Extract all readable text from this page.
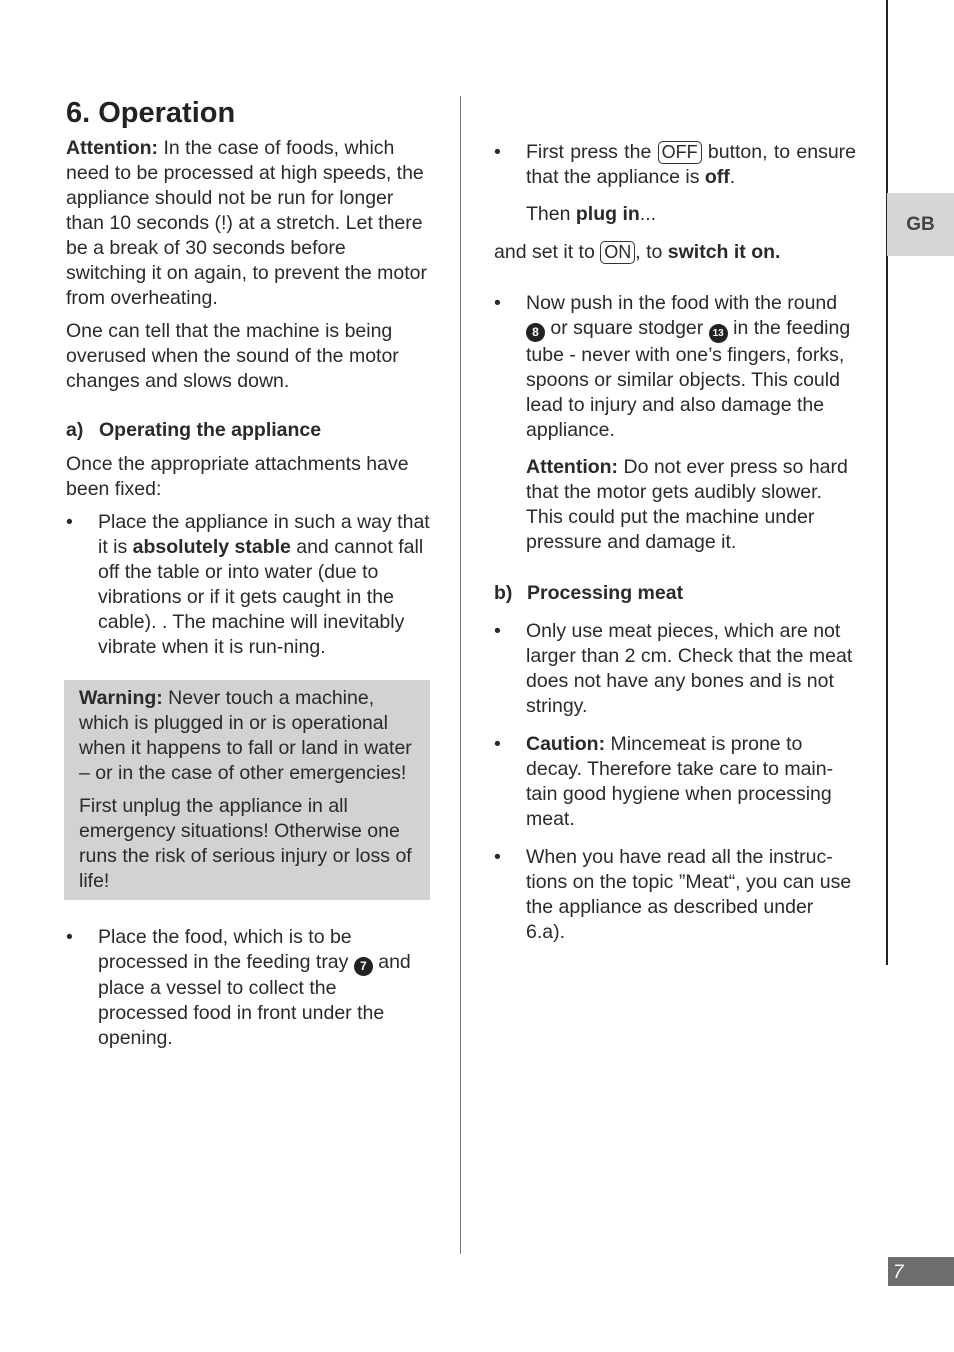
GB
7
6. Operation

Attention: In the case of foods, which need to be processed at high speeds, the appliance should not be run for longer than 10 seconds (!) at a stretch. Let there be a break of 30 seconds before switching it on again, to prevent the motor from overheating.

One can tell that the machine is being overused when the sound of the motor changes and slows down.

a) Operating the appliance

Once the appropriate attachments have been fixed:

• Place the appliance in such a way that it is absolutely stable and cannot fall off the table or into water (due to vibrations or if it gets caught in the cable). . The machine will inevitably vibrate when it is run-ning.

Warning: Never touch a machine, which is plugged in or is operational when it happens to fall or land in water – or in the case of other emergencies!

First unplug the appliance in all emergency situations! Otherwise one runs the risk of serious injury or loss of life!

• Place the food, which is to be processed in the feeding tray 7 and place a vessel to collect the processed food in front under the opening.
• First press the OFF button, to ensure that the appliance is off.

Then plug in...

and set it to ON , to switch it on.

• Now push in the food with the round 8 or square stodger 13 in the feeding tube - never with one’s fingers, forks, spoons or similar objects. This could lead to injury and also damage the appliance.

Attention: Do not ever press so hard that the motor gets audibly slower. This could put the machine under pressure and damage it.

b) Processing meat
• Only use meat pieces, which are not larger than 2 cm. Check that the meat does not have any bones and is not stringy.
• Caution: Mincemeat is prone to decay. Therefore take care to main-tain good hygiene when processing meat.
• When you have read all the instruc-tions on the topic ”Meat“, you can use the appliance as described under 6.a).
